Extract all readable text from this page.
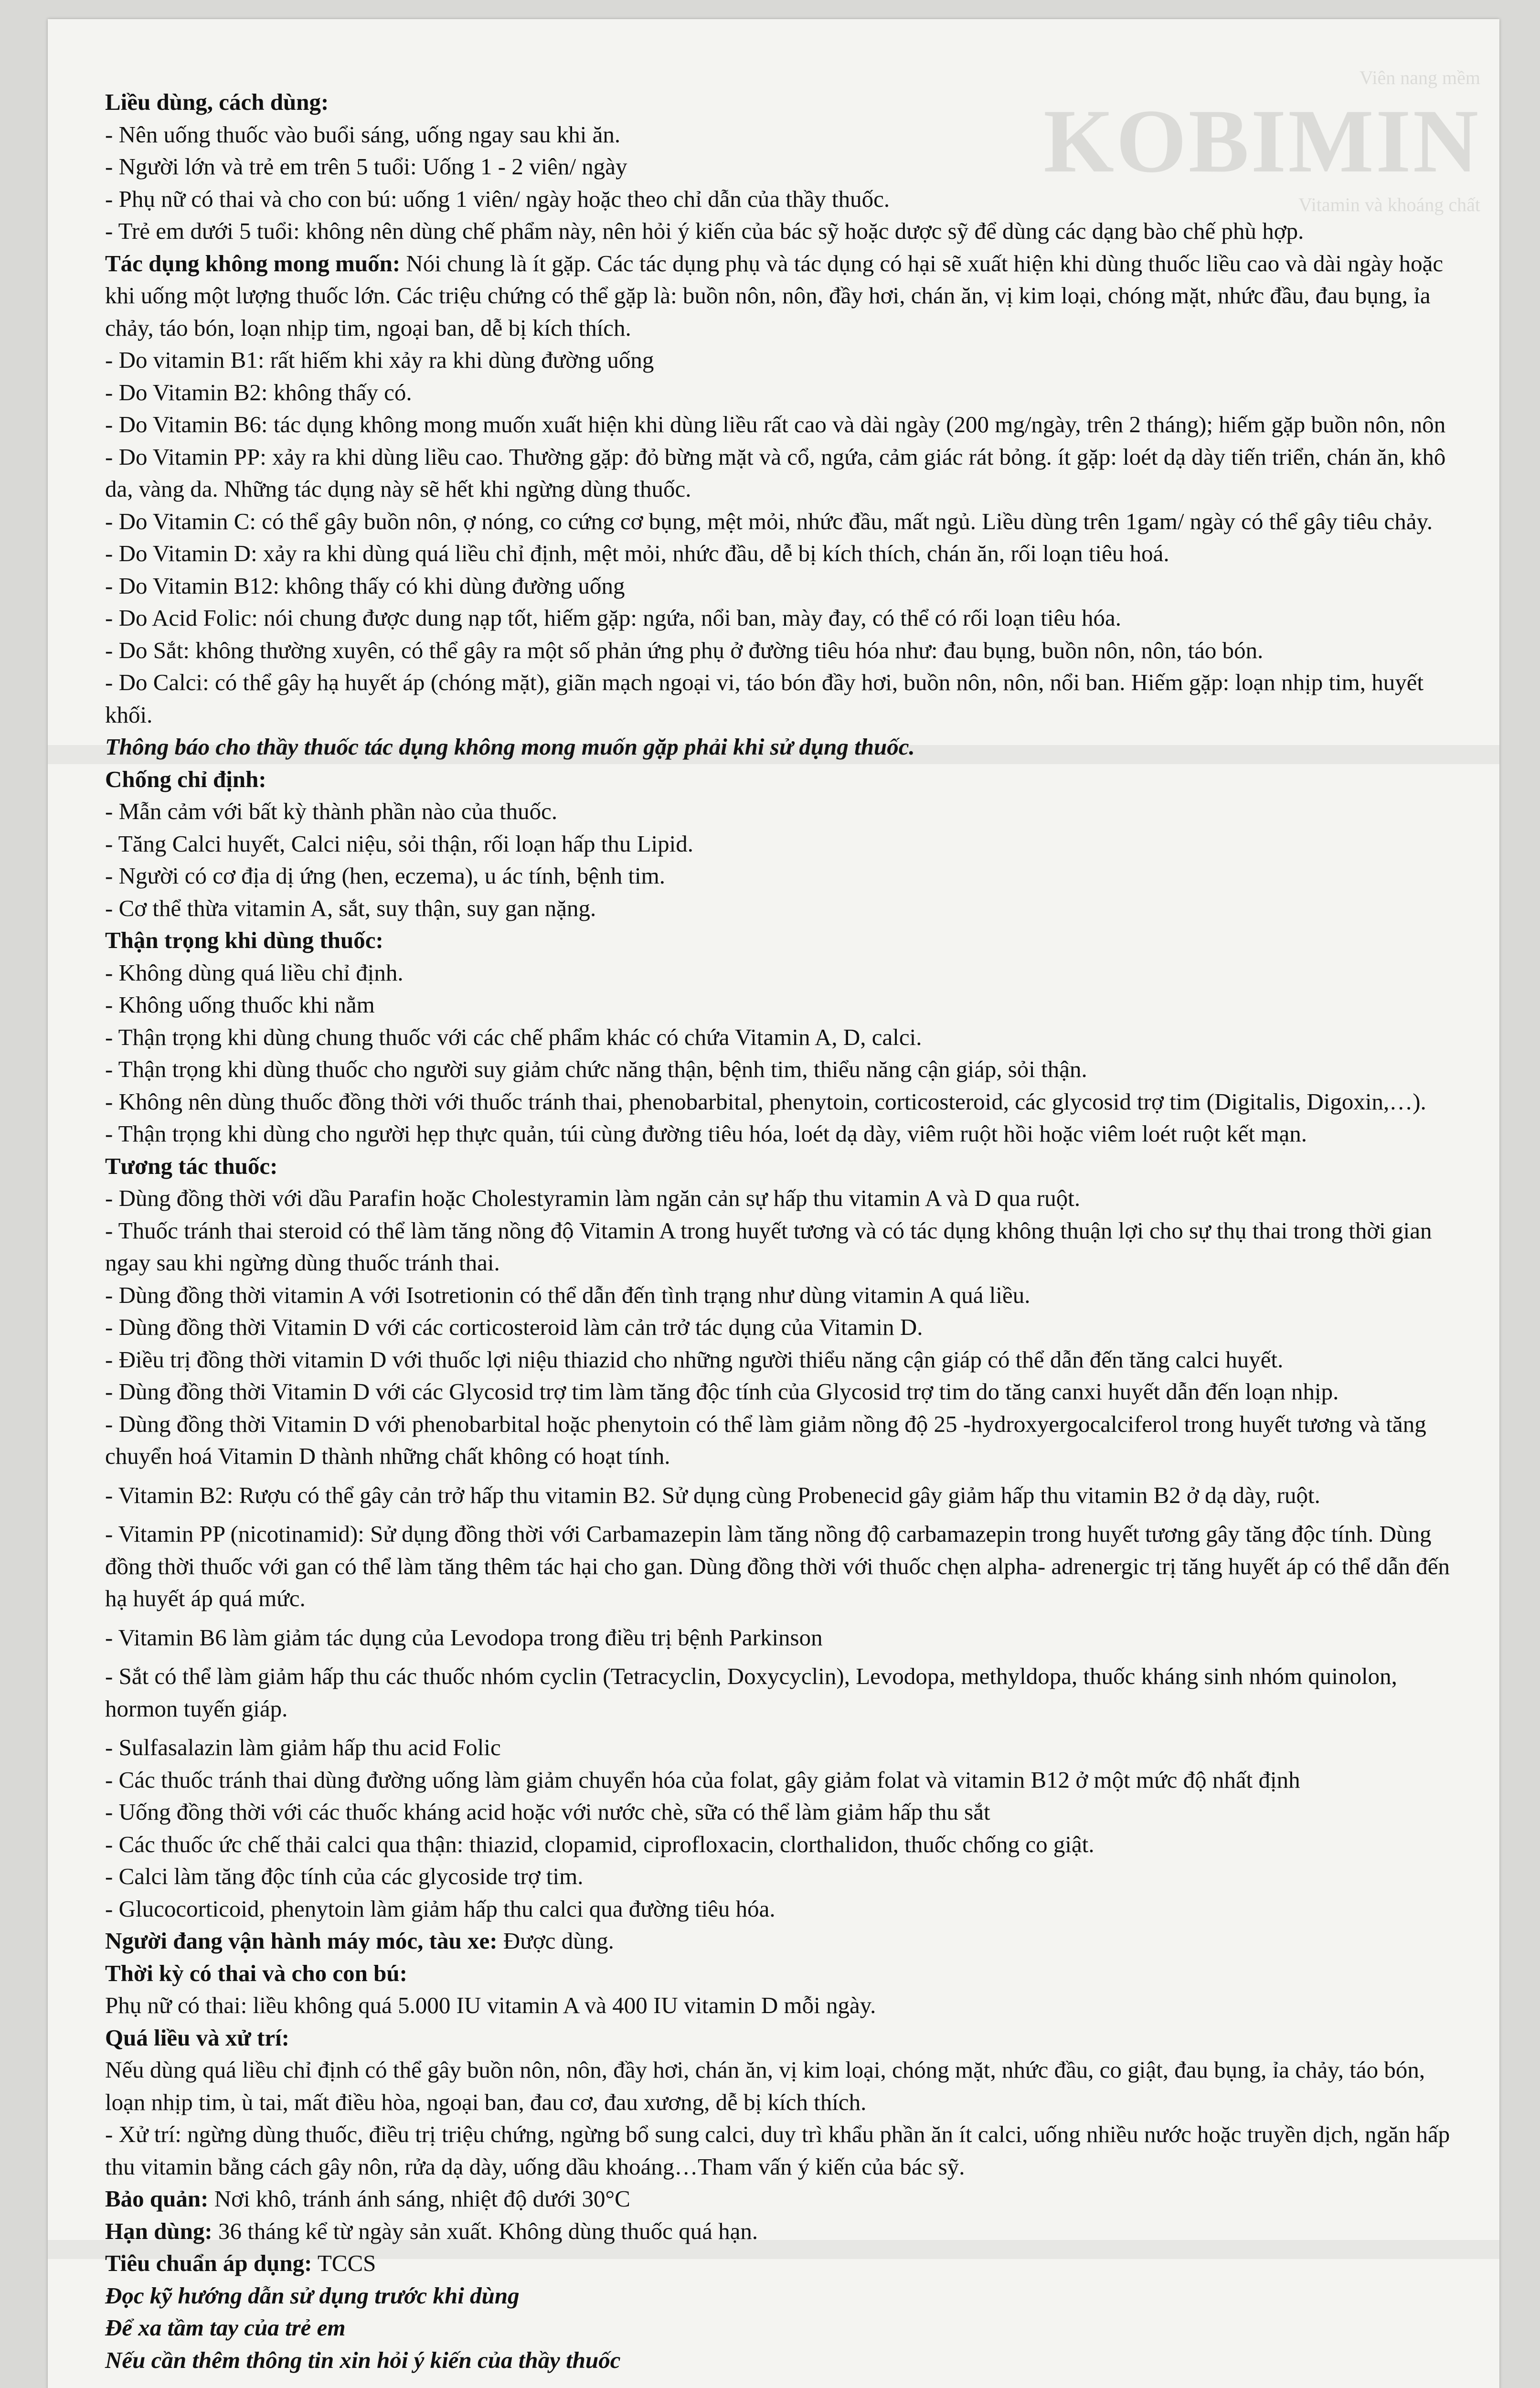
Viên nang mềm
KOBIMIN
Vitamin và khoáng chất

Liều dùng, cách dùng:

- Nên uống thuốc vào buổi sáng, uống ngay sau khi ăn.

- Người lớn và trẻ em trên 5 tuổi: Uống 1 - 2 viên/ ngày

- Phụ nữ có thai và cho con bú: uống 1 viên/ ngày hoặc theo chỉ dẫn của thầy thuốc.

- Trẻ em dưới 5 tuổi: không nên dùng chế phẩm này, nên hỏi ý kiến của bác sỹ hoặc dược sỹ để dùng các dạng bào chế phù hợp.

Tác dụng không mong muốn: Nói chung là ít gặp. Các tác dụng phụ và tác dụng có hại sẽ xuất hiện khi dùng thuốc liều cao và dài ngày hoặc khi uống một lượng thuốc lớn. Các triệu chứng có thể gặp là: buồn nôn, nôn, đầy hơi, chán ăn, vị kim loại, chóng mặt, nhức đầu, đau bụng, ỉa chảy, táo bón, loạn nhịp tim, ngoại ban, dễ bị kích thích.

- Do vitamin B1: rất hiếm khi xảy ra khi dùng đường uống

- Do Vitamin B2: không thấy có.

- Do Vitamin B6: tác dụng không mong muốn xuất hiện khi dùng liều rất cao và dài ngày (200 mg/ngày, trên 2 tháng); hiếm gặp buồn nôn, nôn

- Do Vitamin PP: xảy ra khi dùng liều cao. Thường gặp: đỏ bừng mặt và cổ, ngứa, cảm giác rát bỏng. ít gặp: loét dạ dày tiến triển, chán ăn, khô da, vàng da. Những tác dụng này sẽ hết khi ngừng dùng thuốc.

- Do Vitamin C: có thể gây buồn nôn, ợ nóng, co cứng cơ bụng, mệt mỏi, nhức đầu, mất ngủ. Liều dùng trên 1gam/ ngày có thể gây tiêu chảy.

- Do Vitamin D: xảy ra khi dùng quá liều chỉ định, mệt mỏi, nhức đầu, dễ bị kích thích, chán ăn, rối loạn tiêu hoá.

- Do Vitamin B12: không thấy có khi dùng đường uống

- Do Acid Folic: nói chung được dung nạp tốt, hiếm gặp: ngứa, nổi ban, mày đay, có thể có rối loạn tiêu hóa.

- Do Sắt: không thường xuyên, có thể gây ra một số phản ứng phụ ở đường tiêu hóa như: đau bụng, buồn nôn, nôn, táo bón.

- Do Calci: có thể gây hạ huyết áp (chóng mặt), giãn mạch ngoại vi, táo bón đầy hơi, buồn nôn, nôn, nổi ban. Hiếm gặp: loạn nhịp tim, huyết khối.

Thông báo cho thầy thuốc tác dụng không mong muốn gặp phải khi sử dụng thuốc.

Chống chỉ định:

- Mẫn cảm với bất kỳ thành phần nào của thuốc.

- Tăng Calci huyết, Calci niệu, sỏi thận, rối loạn hấp thu Lipid.

- Người có cơ địa dị ứng (hen, eczema), u ác tính, bệnh tim.

- Cơ thể thừa vitamin A, sắt, suy thận, suy gan nặng.

Thận trọng khi dùng thuốc:

- Không dùng quá liều chỉ định.

- Không uống thuốc khi nằm

- Thận trọng khi dùng chung thuốc với các chế phẩm khác có chứa Vitamin A, D, calci.

- Thận trọng khi dùng thuốc cho người suy giảm chức năng thận, bệnh tim, thiểu năng cận giáp, sỏi thận.

- Không nên dùng thuốc đồng thời với thuốc tránh thai, phenobarbital, phenytoin, corticosteroid, các glycosid trợ tim (Digitalis, Digoxin,…).

- Thận trọng khi dùng cho người hẹp thực quản, túi cùng đường tiêu hóa, loét dạ dày, viêm ruột hồi hoặc viêm loét ruột kết mạn.

Tương tác thuốc:

- Dùng đồng thời với dầu Parafin hoặc Cholestyramin làm ngăn cản sự hấp thu vitamin A và D qua ruột.

- Thuốc tránh thai steroid có thể làm tăng nồng độ Vitamin A trong huyết tương và có tác dụng không thuận lợi cho sự thụ thai trong thời gian ngay sau khi ngừng dùng thuốc tránh thai.

- Dùng đồng thời vitamin A với Isotretionin có thể dẫn đến tình trạng như dùng vitamin A quá liều.

- Dùng đồng thời Vitamin D với các corticosteroid làm cản trở tác dụng của Vitamin D.

- Điều trị đồng thời vitamin D với thuốc lợi niệu thiazid cho những người thiểu năng cận giáp có thể dẫn đến tăng calci huyết.

- Dùng đồng thời Vitamin D với các Glycosid trợ tim làm tăng độc tính của Glycosid trợ tim do tăng canxi huyết dẫn đến loạn nhịp.

- Dùng đồng thời Vitamin D với phenobarbital hoặc phenytoin có thể làm giảm nồng độ 25 -hydroxyergocalciferol trong huyết tương và tăng chuyển hoá Vitamin D thành những chất không có hoạt tính.

- Vitamin B2: Rượu có thể gây cản trở hấp thu vitamin B2. Sử dụng cùng Probenecid gây giảm hấp thu vitamin B2 ở dạ dày, ruột.

- Vitamin PP (nicotinamid): Sử dụng đồng thời với Carbamazepin làm tăng nồng độ carbamazepin trong huyết tương gây tăng độc tính. Dùng đồng thời thuốc với gan có thể làm tăng thêm tác hại cho gan. Dùng đồng thời với thuốc chẹn alpha- adrenergic trị tăng huyết áp có thể dẫn đến hạ huyết áp quá mức.

- Vitamin B6 làm giảm tác dụng của Levodopa trong điều trị bệnh Parkinson

- Sắt có thể làm giảm hấp thu các thuốc nhóm cyclin (Tetracyclin, Doxycyclin), Levodopa, methyldopa, thuốc kháng sinh nhóm quinolon, hormon tuyến giáp.

- Sulfasalazin làm giảm hấp thu acid Folic

- Các thuốc tránh thai dùng đường uống làm giảm chuyển hóa của folat, gây giảm folat và vitamin B12 ở một mức độ nhất định

- Uống đồng thời với các thuốc kháng acid hoặc với nước chè, sữa có thể làm giảm hấp thu sắt

- Các thuốc ức chế thải calci qua thận: thiazid, clopamid, ciprofloxacin, clorthalidon, thuốc chống co giật.

- Calci làm tăng độc tính của các glycoside trợ tim.

- Glucocorticoid, phenytoin làm giảm hấp thu calci qua đường tiêu hóa.

Người đang vận hành máy móc, tàu xe: Được dùng.

Thời kỳ có thai và cho con bú:

Phụ nữ có thai: liều không quá 5.000 IU vitamin A và 400 IU vitamin D mỗi ngày.

Quá liều và xử trí:

Nếu dùng quá liều chỉ định có thể gây buồn nôn, nôn, đầy hơi, chán ăn, vị kim loại, chóng mặt, nhức đầu, co giật, đau bụng, ỉa chảy, táo bón, loạn nhịp tim, ù tai, mất điều hòa, ngoại ban, đau cơ, đau xương, dễ bị kích thích.

- Xử trí: ngừng dùng thuốc, điều trị triệu chứng, ngừng bổ sung calci, duy trì khẩu phần ăn ít calci, uống nhiều nước hoặc truyền dịch, ngăn hấp thu vitamin bằng cách gây nôn, rửa dạ dày, uống dầu khoáng…Tham vấn ý kiến của bác sỹ.

Bảo quản: Nơi khô, tránh ánh sáng, nhiệt độ dưới 30°C

Hạn dùng: 36 tháng kể từ ngày sản xuất. Không dùng thuốc quá hạn.

Tiêu chuẩn áp dụng: TCCS

Đọc kỹ hướng dẫn sử dụng trước khi dùng

Để xa tầm tay của trẻ em

Nếu cần thêm thông tin xin hỏi ý kiến của thầy thuốc
